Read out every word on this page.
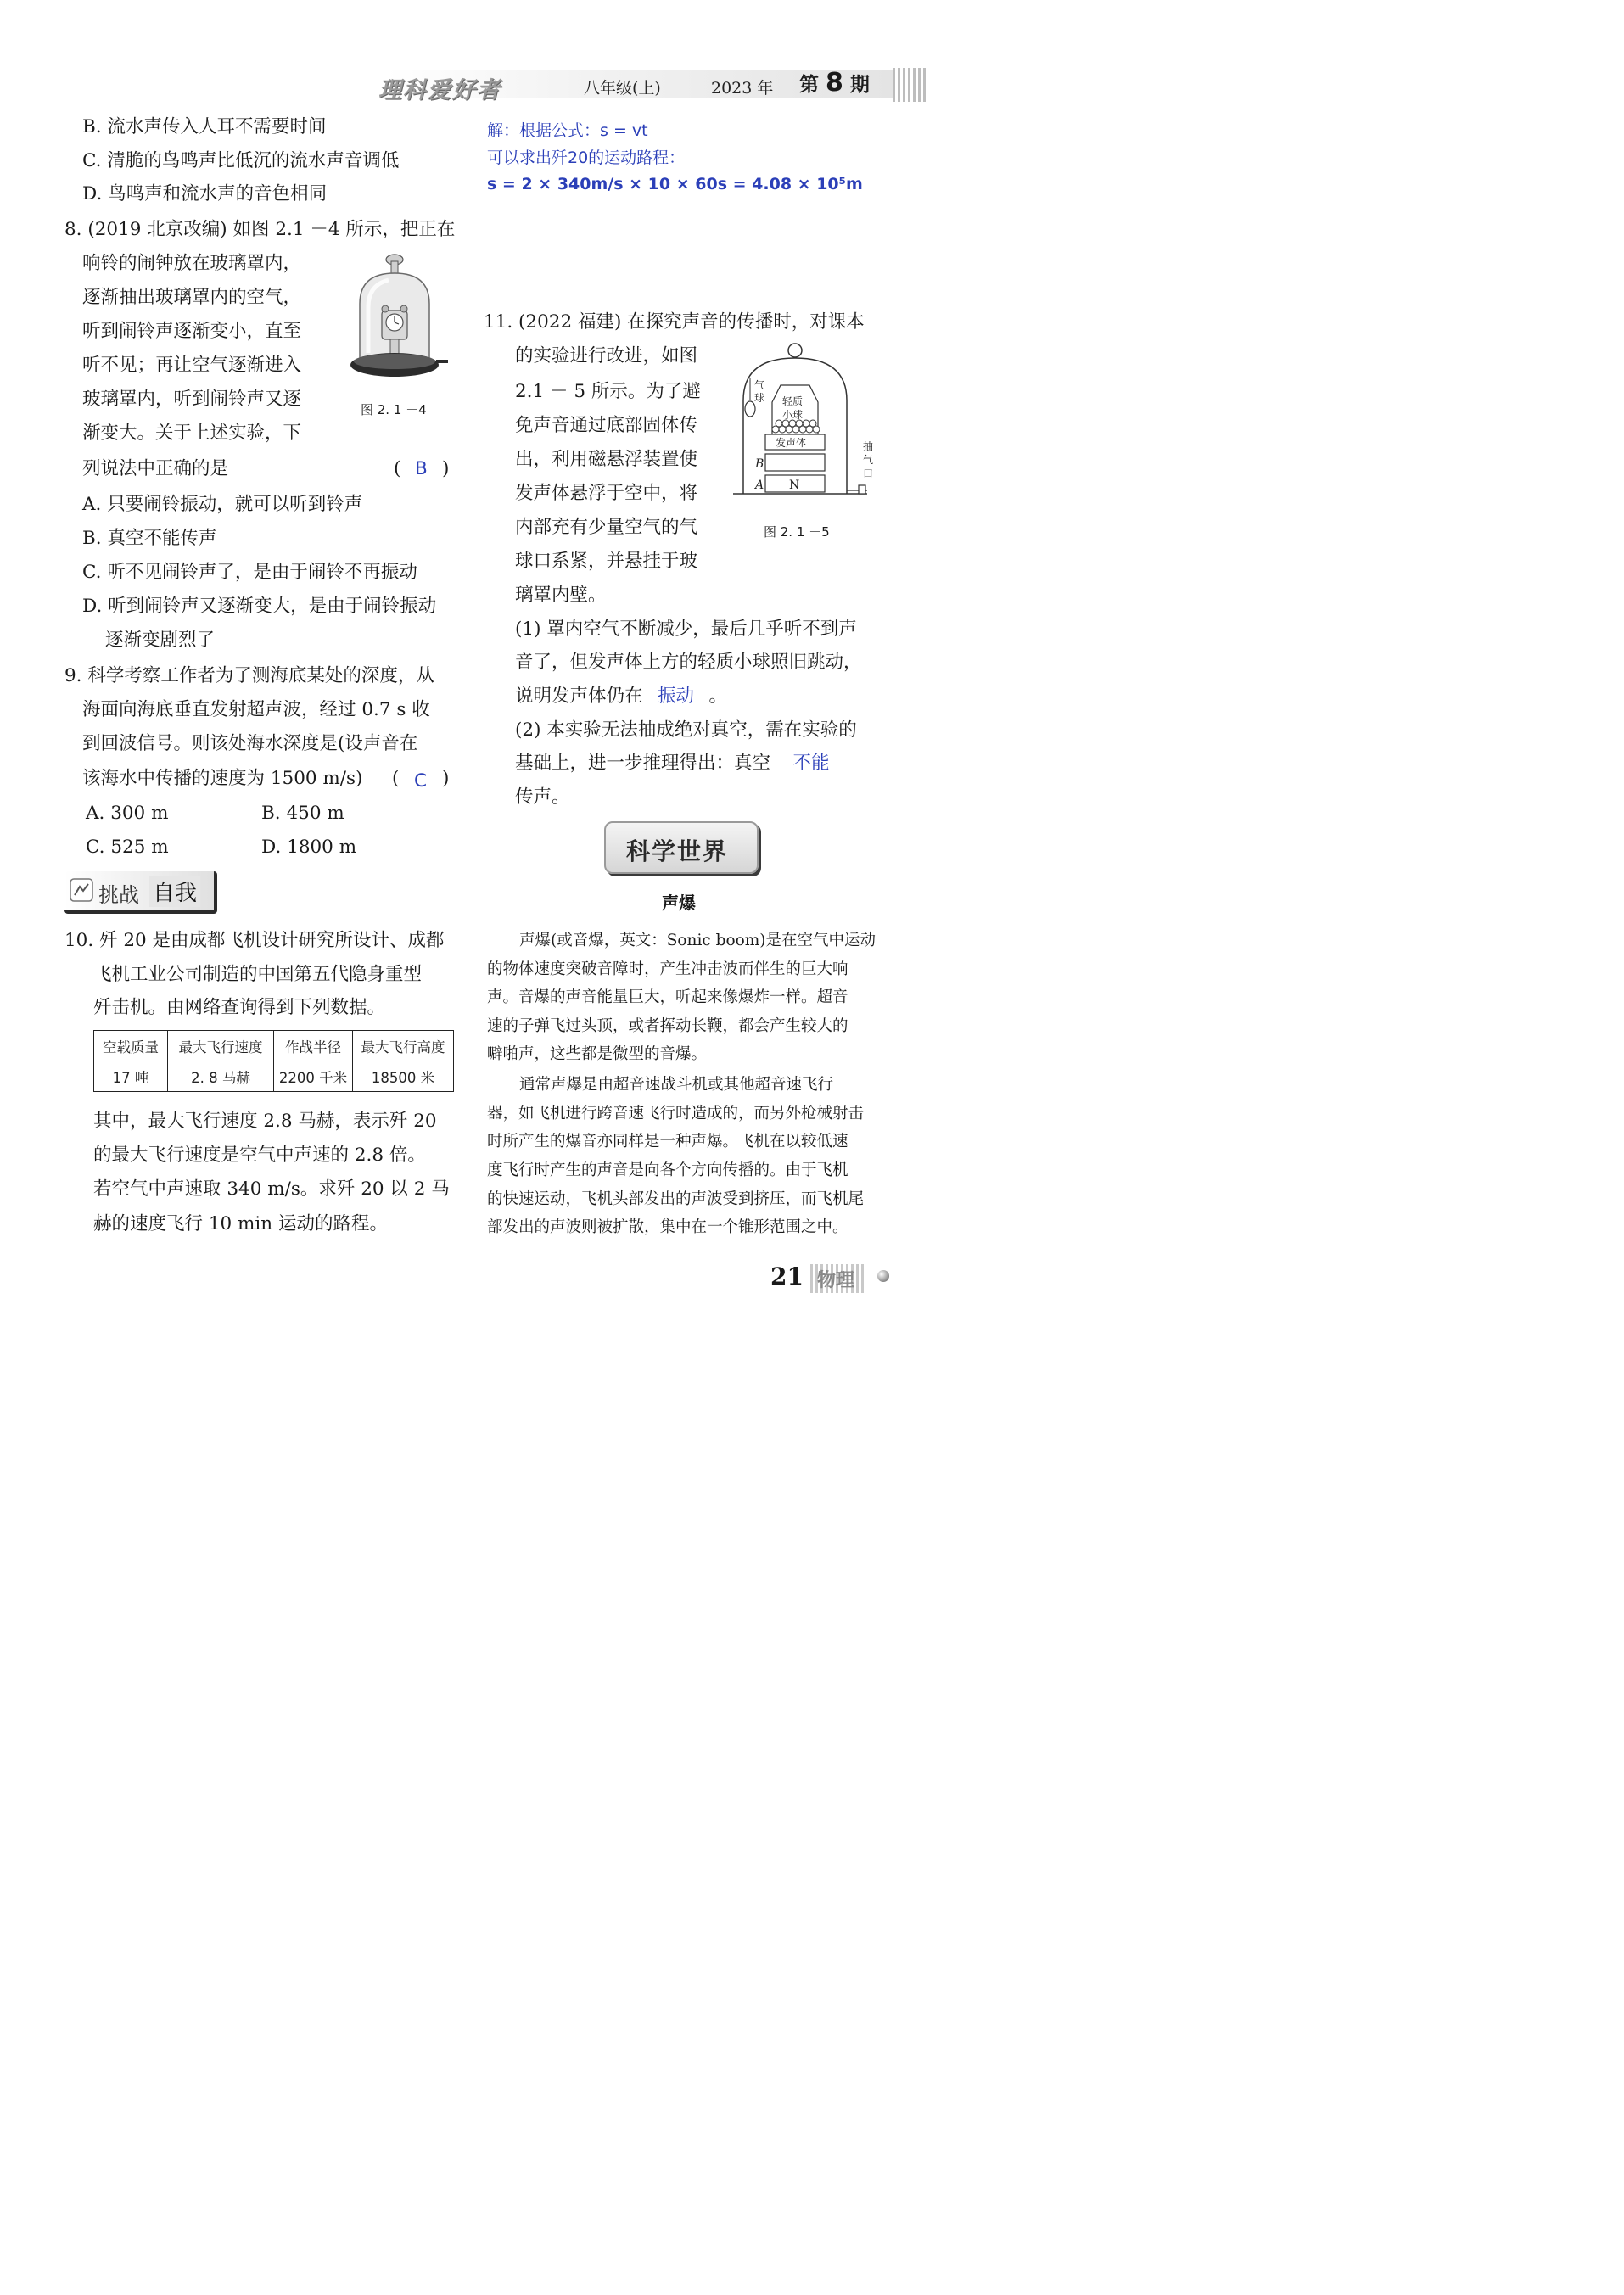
理科爱好者	八年级(上)	2023 年 第 8 期
B. 流水声传入人耳不需要时间
C. 清脆的鸟鸣声比低沉的流水声音调低
D. 鸟鸣声和流水声的音色相同
8. (2019 北京改编) 如图 2.1 －4 所示，把正在
响铃的闹钟放在玻璃罩内，
逐渐抽出玻璃罩内的空气，
听到闹铃声逐渐变小，直至
听不见；再让空气逐渐进入
玻璃罩内，听到闹铃声又逐
渐变大。关于上述实验，下
列说法中正确的是	( B )
图 2. 1 －4
A. 只要闹铃振动，就可以听到铃声
B. 真空不能传声
C. 听不见闹铃声了，是由于闹铃不再振动
D. 听到闹铃声又逐渐变大，是由于闹铃振动
逐渐变剧烈了
9. 科学考察工作者为了测海底某处的深度，从
海面向海底垂直发射超声波，经过 0.7 s 收
到回波信号。则该处海水深度是(设声音在
该海水中传播的速度为 1500 m/s) ( C )
A. 300 m	B. 450 m
C. 525 m	D. 1800 m
挑战 自我
10. 歼 20 是由成都飞机设计研究所设计、成都
飞机工业公司制造的中国第五代隐身重型
歼击机。由网络查询得到下列数据。
空载质量	最大飞行速度	作战半径	最大飞行高度
17 吨	2. 8 马赫	2200 千米	18500 米
其中，最大飞行速度 2.8 马赫，表示歼 20
的最大飞行速度是空气中声速的 2.8 倍。
若空气中声速取 340 m/s。求歼 20 以 2 马
赫的速度飞行 10 min 运动的路程。
解：根据公式：s = vt
可以求出歼20的运动路程：
s = 2 × 340m/s × 10 × 60s = 4.08 × 10⁵m
11. (2022 福建) 在探究声音的传播时，对课本
的实验进行改进，如图
2.1 － 5 所示。为了避
免声音通过底部固体传
出，利用磁悬浮装置使
发声体悬浮于空中，将
内部充有少量空气的气
球口系紧，并悬挂于玻
璃罩内壁。
轻质
小球
发声体
B
A N
气
球
抽
气
口
图 2. 1 －5
(1) 罩内空气不断减少，最后几乎听不到声
音了，但发声体上方的轻质小球照旧跳动，
说明发声体仍在 振动 。
(2) 本实验无法抽成绝对真空，需在实验的
基础上，进一步推理得出：真空 不能
传声。
科学世界
声爆
声爆(或音爆，英文：Sonic boom)是在空气中运动
的物体速度突破音障时，产生冲击波而伴生的巨大响
声。音爆的声音能量巨大，听起来像爆炸一样。超音
速的子弹飞过头顶，或者挥动长鞭，都会产生较大的
噼啪声，这些都是微型的音爆。
通常声爆是由超音速战斗机或其他超音速飞行
器，如飞机进行跨音速飞行时造成的，而另外枪械射击
时所产生的爆音亦同样是一种声爆。飞机在以较低速
度飞行时产生的声音是向各个方向传播的。由于飞机
的快速运动，飞机头部发出的声波受到挤压，而飞机尾
部发出的声波则被扩散，集中在一个锥形范围之中。
21 物理
